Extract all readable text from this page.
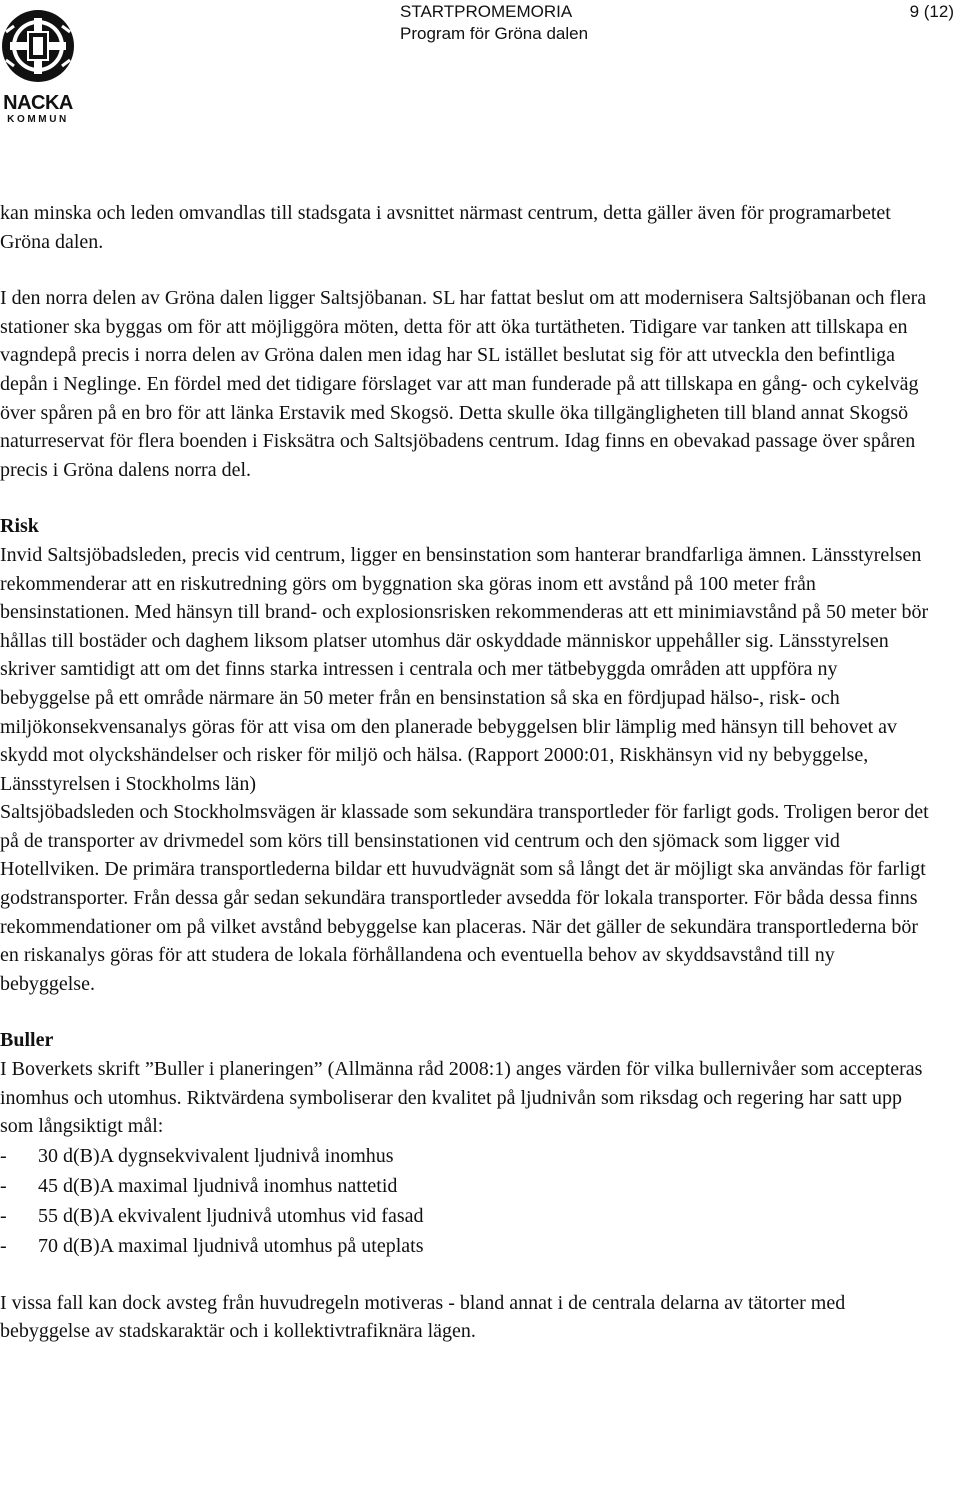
NACKA
KOMMUN
STARTPROMEMORIA
Program för Gröna dalen
9 (12)

kan minska och leden omvandlas till stadsgata i avsnittet närmast centrum, detta gäller även för programarbetet Gröna dalen.

I den norra delen av Gröna dalen ligger Saltsjöbanan. SL har fattat beslut om att modernisera Saltsjöbanan och flera stationer ska byggas om för att möjliggöra möten, detta för att öka turtätheten. Tidigare var tanken att tillskapa en vagndepå precis i norra delen av Gröna dalen men idag har SL istället beslutat sig för att utveckla den befintliga depån i Neglinge. En fördel med det tidigare förslaget var att man funderade på att tillskapa en gång- och cykelväg över spåren på en bro för att länka Erstavik med Skogsö. Detta skulle öka tillgängligheten till bland annat Skogsö naturreservat för flera boenden i Fisksätra och Saltsjöbadens centrum. Idag finns en obevakad passage över spåren precis i Gröna dalens norra del.

Risk

Invid Saltsjöbadsleden, precis vid centrum, ligger en bensinstation som hanterar brandfarliga ämnen. Länsstyrelsen rekommenderar att en riskutredning görs om byggnation ska göras inom ett avstånd på 100 meter från bensinstationen. Med hänsyn till brand- och explosionsrisken rekommenderas att ett minimiavstånd på 50 meter bör hållas till bostäder och daghem liksom platser utomhus där oskyddade människor uppehåller sig. Länsstyrelsen skriver samtidigt att om det finns starka intressen i centrala och mer tätbebyggda områden att uppföra ny bebyggelse på ett område närmare än 50 meter från en bensinstation så ska en fördjupad hälso-, risk- och miljökonsekvensanalys göras för att visa om den planerade bebyggelsen blir lämplig med hänsyn till behovet av skydd mot olyckshändelser och risker för miljö och hälsa. (Rapport 2000:01, Riskhänsyn vid ny bebyggelse, Länsstyrelsen i Stockholms län)

Saltsjöbadsleden och Stockholmsvägen är klassade som sekundära transportleder för farligt gods. Troligen beror det på de transporter av drivmedel som körs till bensinstationen vid centrum och den sjömack som ligger vid Hotellviken. De primära transportlederna bildar ett huvudvägnät som så långt det är möjligt ska användas för farligt godstransporter. Från dessa går sedan sekundära transportleder avsedda för lokala transporter. För båda dessa finns rekommendationer om på vilket avstånd bebyggelse kan placeras. När det gäller de sekundära transportlederna bör en riskanalys göras för att studera de lokala förhållandena och eventuella behov av skyddsavstånd till ny bebyggelse.

Buller

I Boverkets skrift ”Buller i planeringen” (Allmänna råd 2008:1) anges värden för vilka bullernivåer som accepteras inomhus och utomhus. Riktvärdena symboliserar den kvalitet på ljudnivån som riksdag och regering har satt upp som långsiktigt mål:

- 30 d(B)A dygnsekvivalent ljudnivå inomhus
- 45 d(B)A maximal ljudnivå inomhus nattetid
- 55 d(B)A ekvivalent ljudnivå utomhus vid fasad
- 70 d(B)A maximal ljudnivå utomhus på uteplats

I vissa fall kan dock avsteg från huvudregeln motiveras - bland annat i de centrala delarna av tätorter med bebyggelse av stadskaraktär och i kollektivtrafiknära lägen.
